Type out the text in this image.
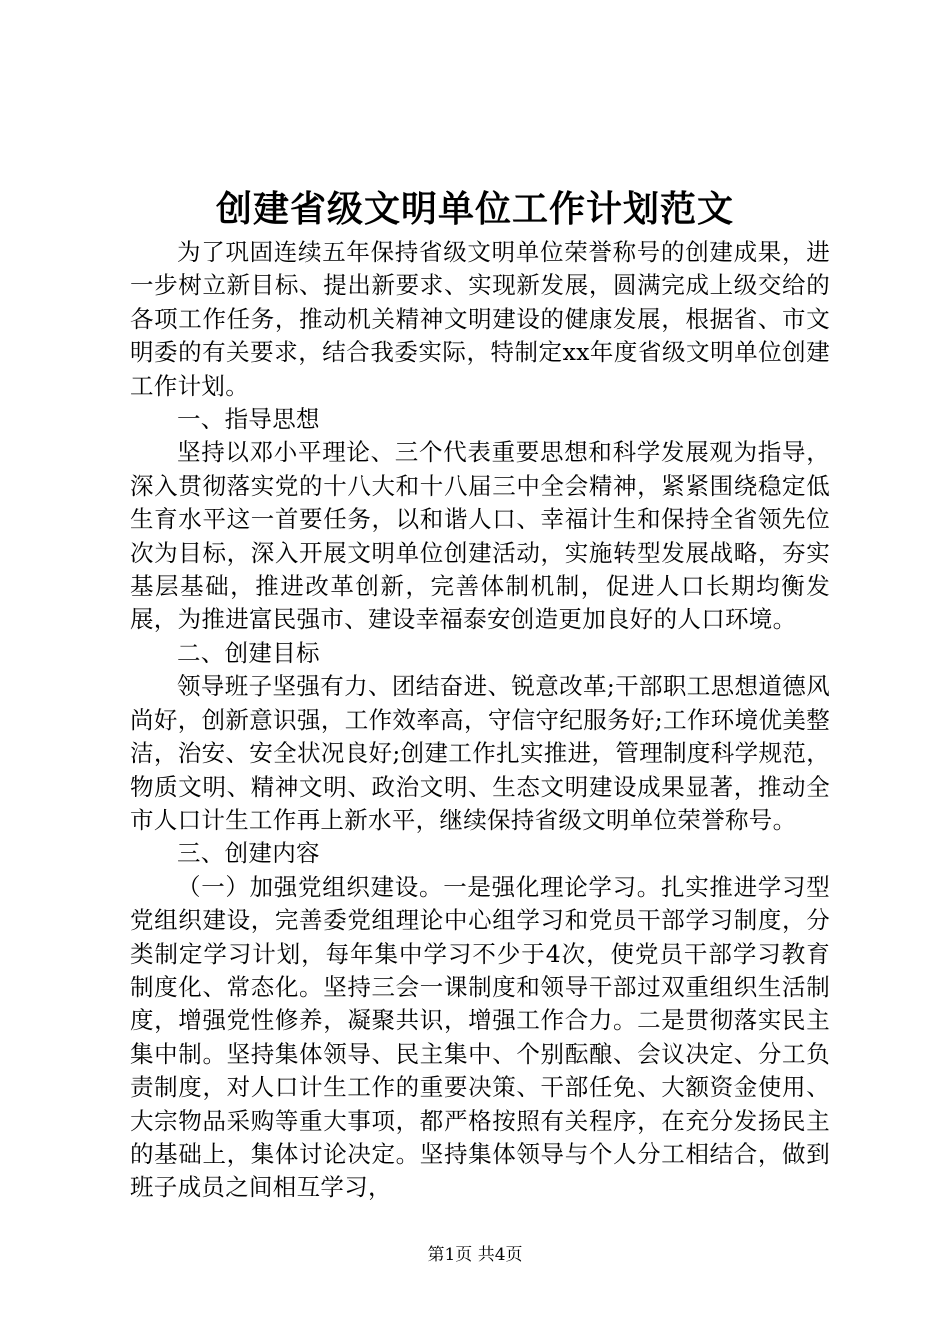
创建省级文明单位工作计划范文

为了巩固连续五年保持省级文明单位荣誉称号的创建成果，进一步树立新目标、提出新要求、实现新发展，圆满完成上级交给的各项工作任务，推动机关精神文明建设的健康发展，根据省、市文明委的有关要求，结合我委实际，特制定xx年度省级文明单位创建工作计划。

一、指导思想

坚持以邓小平理论、三个代表重要思想和科学发展观为指导，深入贯彻落实党的十八大和十八届三中全会精神，紧紧围绕稳定低生育水平这一首要任务，以和谐人口、幸福计生和保持全省领先位次为目标，深入开展文明单位创建活动，实施转型发展战略，夯实基层基础，推进改革创新，完善体制机制，促进人口长期均衡发展，为推进富民强市、建设幸福泰安创造更加良好的人口环境。

二、创建目标

领导班子坚强有力、团结奋进、锐意改革;干部职工思想道德风尚好，创新意识强，工作效率高，守信守纪服务好;工作环境优美整洁，治安、安全状况良好;创建工作扎实推进，管理制度科学规范，物质文明、精神文明、政治文明、生态文明建设成果显著，推动全市人口计生工作再上新水平，继续保持省级文明单位荣誉称号。

三、创建内容

（一）加强党组织建设。一是强化理论学习。扎实推进学习型党组织建设，完善委党组理论中心组学习和党员干部学习制度，分类制定学习计划，每年集中学习不少于4次，使党员干部学习教育制度化、常态化。坚持三会一课制度和领导干部过双重组织生活制度，增强党性修养，凝聚共识，增强工作合力。二是贯彻落实民主集中制。坚持集体领导、民主集中、个别酝酿、会议决定、分工负责制度，对人口计生工作的重要决策、干部任免、大额资金使用、大宗物品采购等重大事项，都严格按照有关程序，在充分发扬民主的基础上，集体讨论决定。坚持集体领导与个人分工相结合，做到班子成员之间相互学习，

第1页 共4页
